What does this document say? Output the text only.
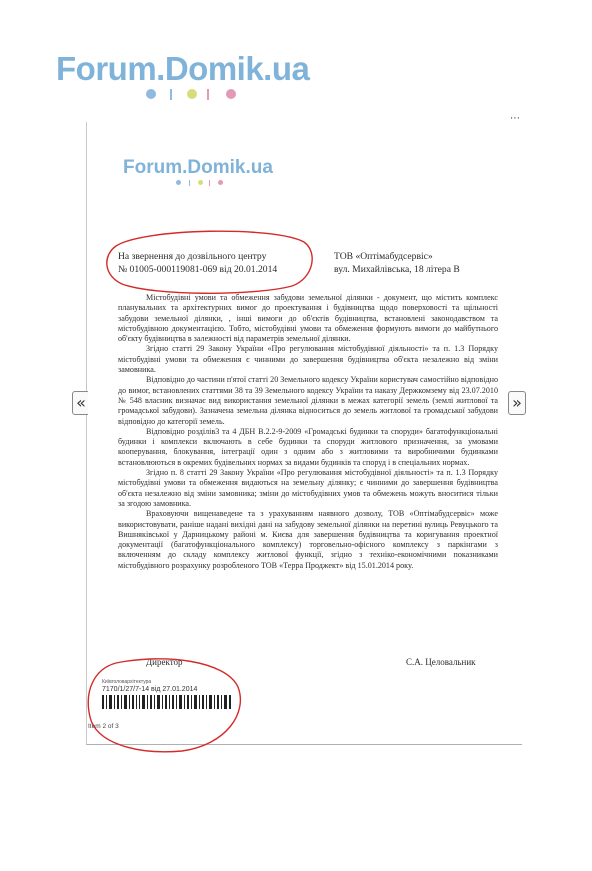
Forum.Domik.ua
⋯
«	»
Forum.Domik.ua
На звернення до дозвільного центру
№ 01005-000119081-069 від 20.01.2014
ТОВ «Оптімабудсервіс»
вул. Михайлівська, 18 літера В

Містобудівні умови та обмеження забудови земельної ділянки - документ, що містить комплекс планувальних та архітектурних вимог до проектування і будівництва щодо поверховості та щільності забудови земельної ділянки, , інші вимоги до об'єктів будівництва, встановлені законодавством та містобудівною документацією. Тобто, містобудівні умови та обмеження формують вимоги до майбутнього об'єкту будівництва в залежності від параметрів земельної ділянки.

Згідно статті 29 Закону України «Про регулювання містобудівної діяльності» та п. 1.3 Порядку містобудівні умови та обмеження є чинними до завершення будівництва об'єкта незалежно від зміни замовника.

Відповідно до частини п'ятої статті 20 Земельного кодексу України користувач самостійно відповідно до вимог, встановлених статтями 38 та 39 Земельного кодексу України та наказу Держкомзему від 23.07.2010 № 548 власник визначає вид використання земельної ділянки в межах категорії земель (землі житлової та громадської забудови). Зазначена земельна ділянка відноситься до земель житлової та громадської забудови відповідно до категорії земель.

Відповідно розділів3 та 4 ДБН В.2.2-9-2009 «Громадські будинки та споруди» багатофункціональні будинки і комплекси включають в себе будинки та споруди житлового призначення, за умовами кооперування, блокування, інтеграції один з одним або з житловими та виробничими будинками встановлюються в окремих будівельних нормах за видами будинків та споруд і в спеціальних нормах.

Згідно п. 8 статті 29 Закону України «Про регулювання містобудівної діяльності» та п. 1.3 Порядку містобудівні умови та обмеження видаються на земельну ділянку; є чинними до завершення будівництва об'єкта незалежно від зміни замовника; зміни до містобудівних умов та обмежень можуть вноситися тільки за згодою замовника.

Враховуючи вищенаведене та з урахуванням наявного дозволу, ТОВ «Оптімабудсервіс» може використовувати, раніше надані вихідні дані на забудову земельної ділянки на перетині вулиць Ревуцького та Вишняківської у Дарницькому районі м. Києва для завершення будівництва та коригування проектної документації (багатофункціонального комплексу) торговельно-офісного комплексу з паркінгами з включенням до складу комплексу житлової функції, згідно з техніко-економічними показниками містобудівного розрахунку розробленого ТОВ «Терра Проджект» від 15.01.2014 року.

Директор	С.А. Целовальник
Київголовархітектура
7170/1/27/7-14 від 27.01.2014
Item 2 of 3
